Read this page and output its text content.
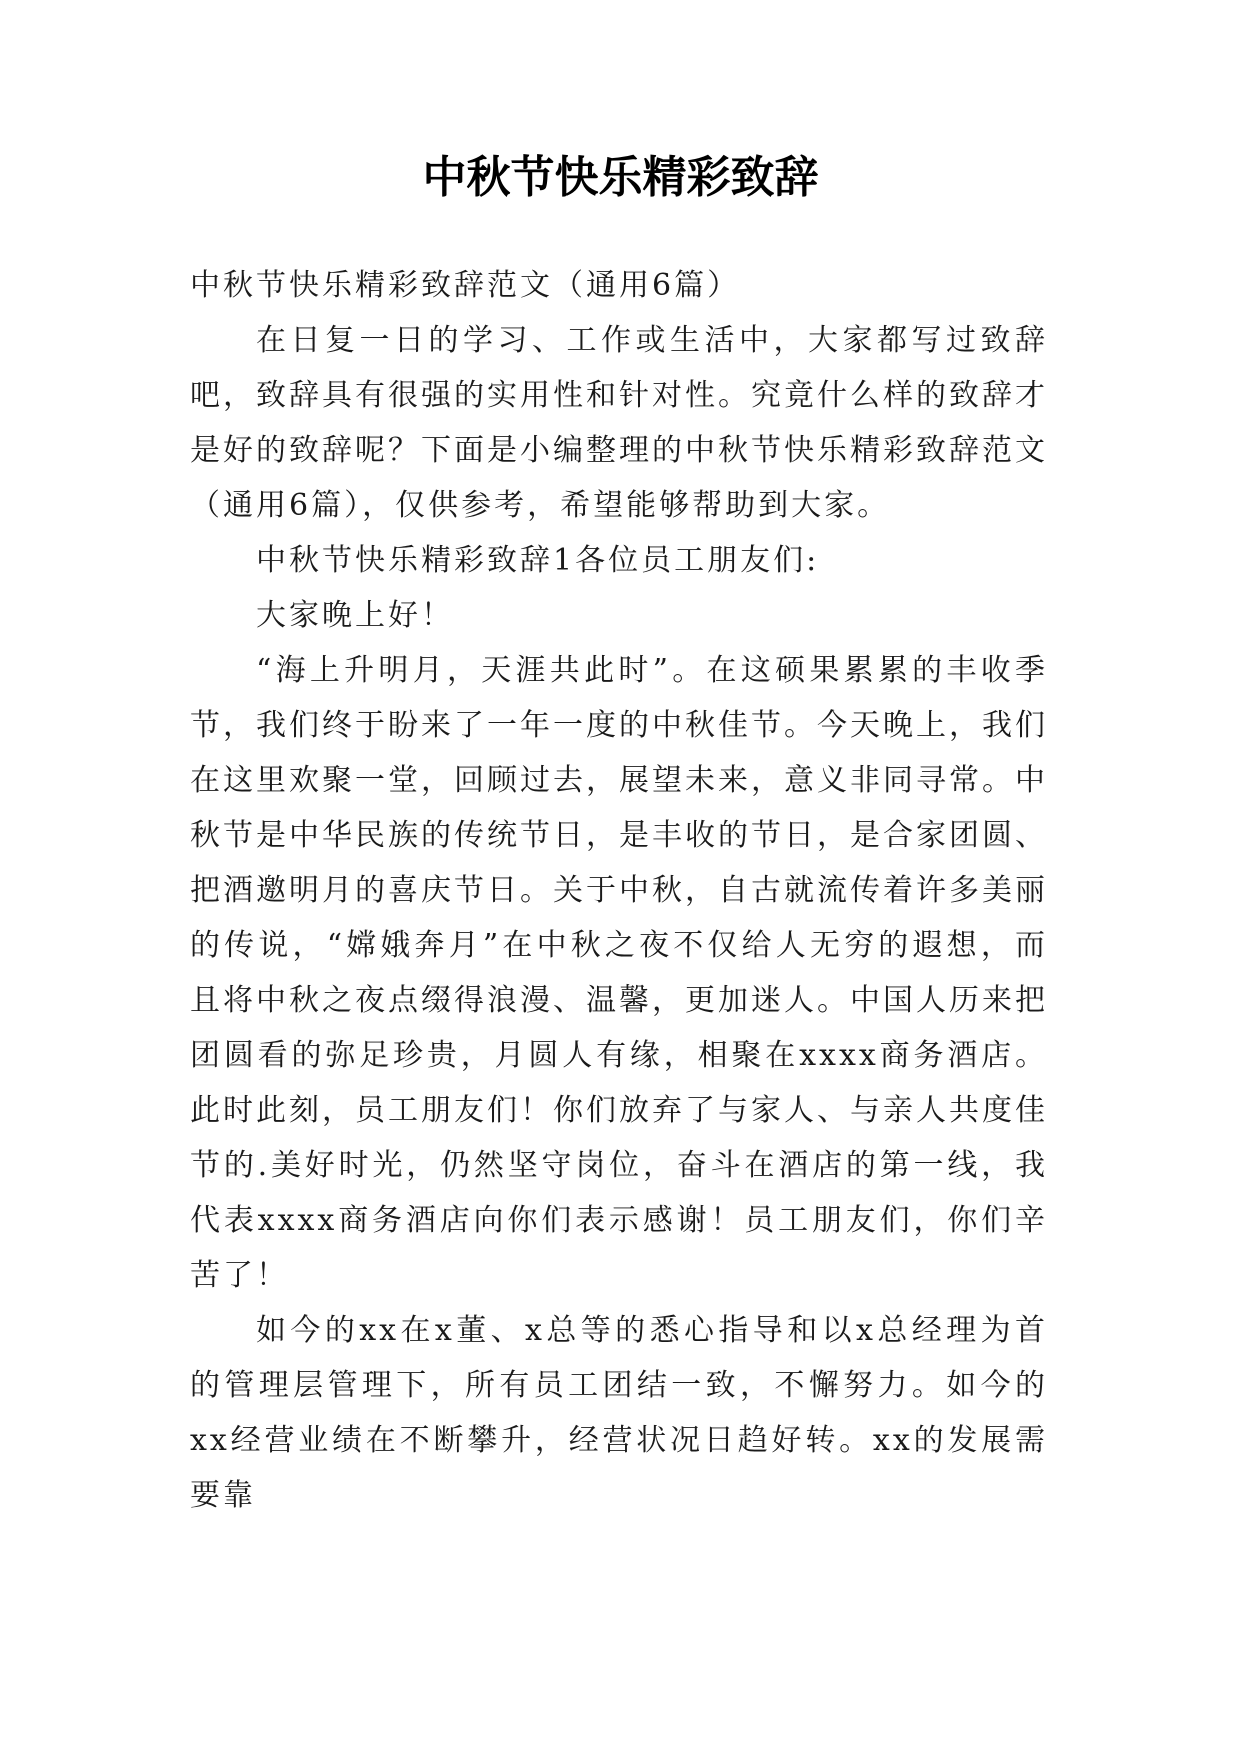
中秋节快乐精彩致辞

中秋节快乐精彩致辞范文（通用6篇）

在日复一日的学习、工作或生活中，大家都写过致辞吧，致辞具有很强的实用性和针对性。究竟什么样的致辞才是好的致辞呢？下面是小编整理的中秋节快乐精彩致辞范文（通用6篇），仅供参考，希望能够帮助到大家。

中秋节快乐精彩致辞1各位员工朋友们:

大家晚上好！

“海上升明月，天涯共此时”。在这硕果累累的丰收季节，我们终于盼来了一年一度的中秋佳节。今天晚上，我们在这里欢聚一堂，回顾过去，展望未来，意义非同寻常。中秋节是中华民族的传统节日，是丰收的节日，是合家团圆、把酒邀明月的喜庆节日。关于中秋，自古就流传着许多美丽的传说，“嫦娥奔月”在中秋之夜不仅给人无穷的遐想，而且将中秋之夜点缀得浪漫、温馨，更加迷人。中国人历来把团圆看的弥足珍贵，月圆人有缘，相聚在xxxx商务酒店。此时此刻，员工朋友们！你们放弃了与家人、与亲人共度佳节的.美好时光，仍然坚守岗位，奋斗在酒店的第一线，我代表xxxx商务酒店向你们表示感谢！员工朋友们，你们辛苦了！

如今的xx在x董、x总等的悉心指导和以x总经理为首的管理层管理下，所有员工团结一致，不懈努力。如今的xx经营业绩在不断攀升，经营状况日趋好转。xx的发展需要靠
